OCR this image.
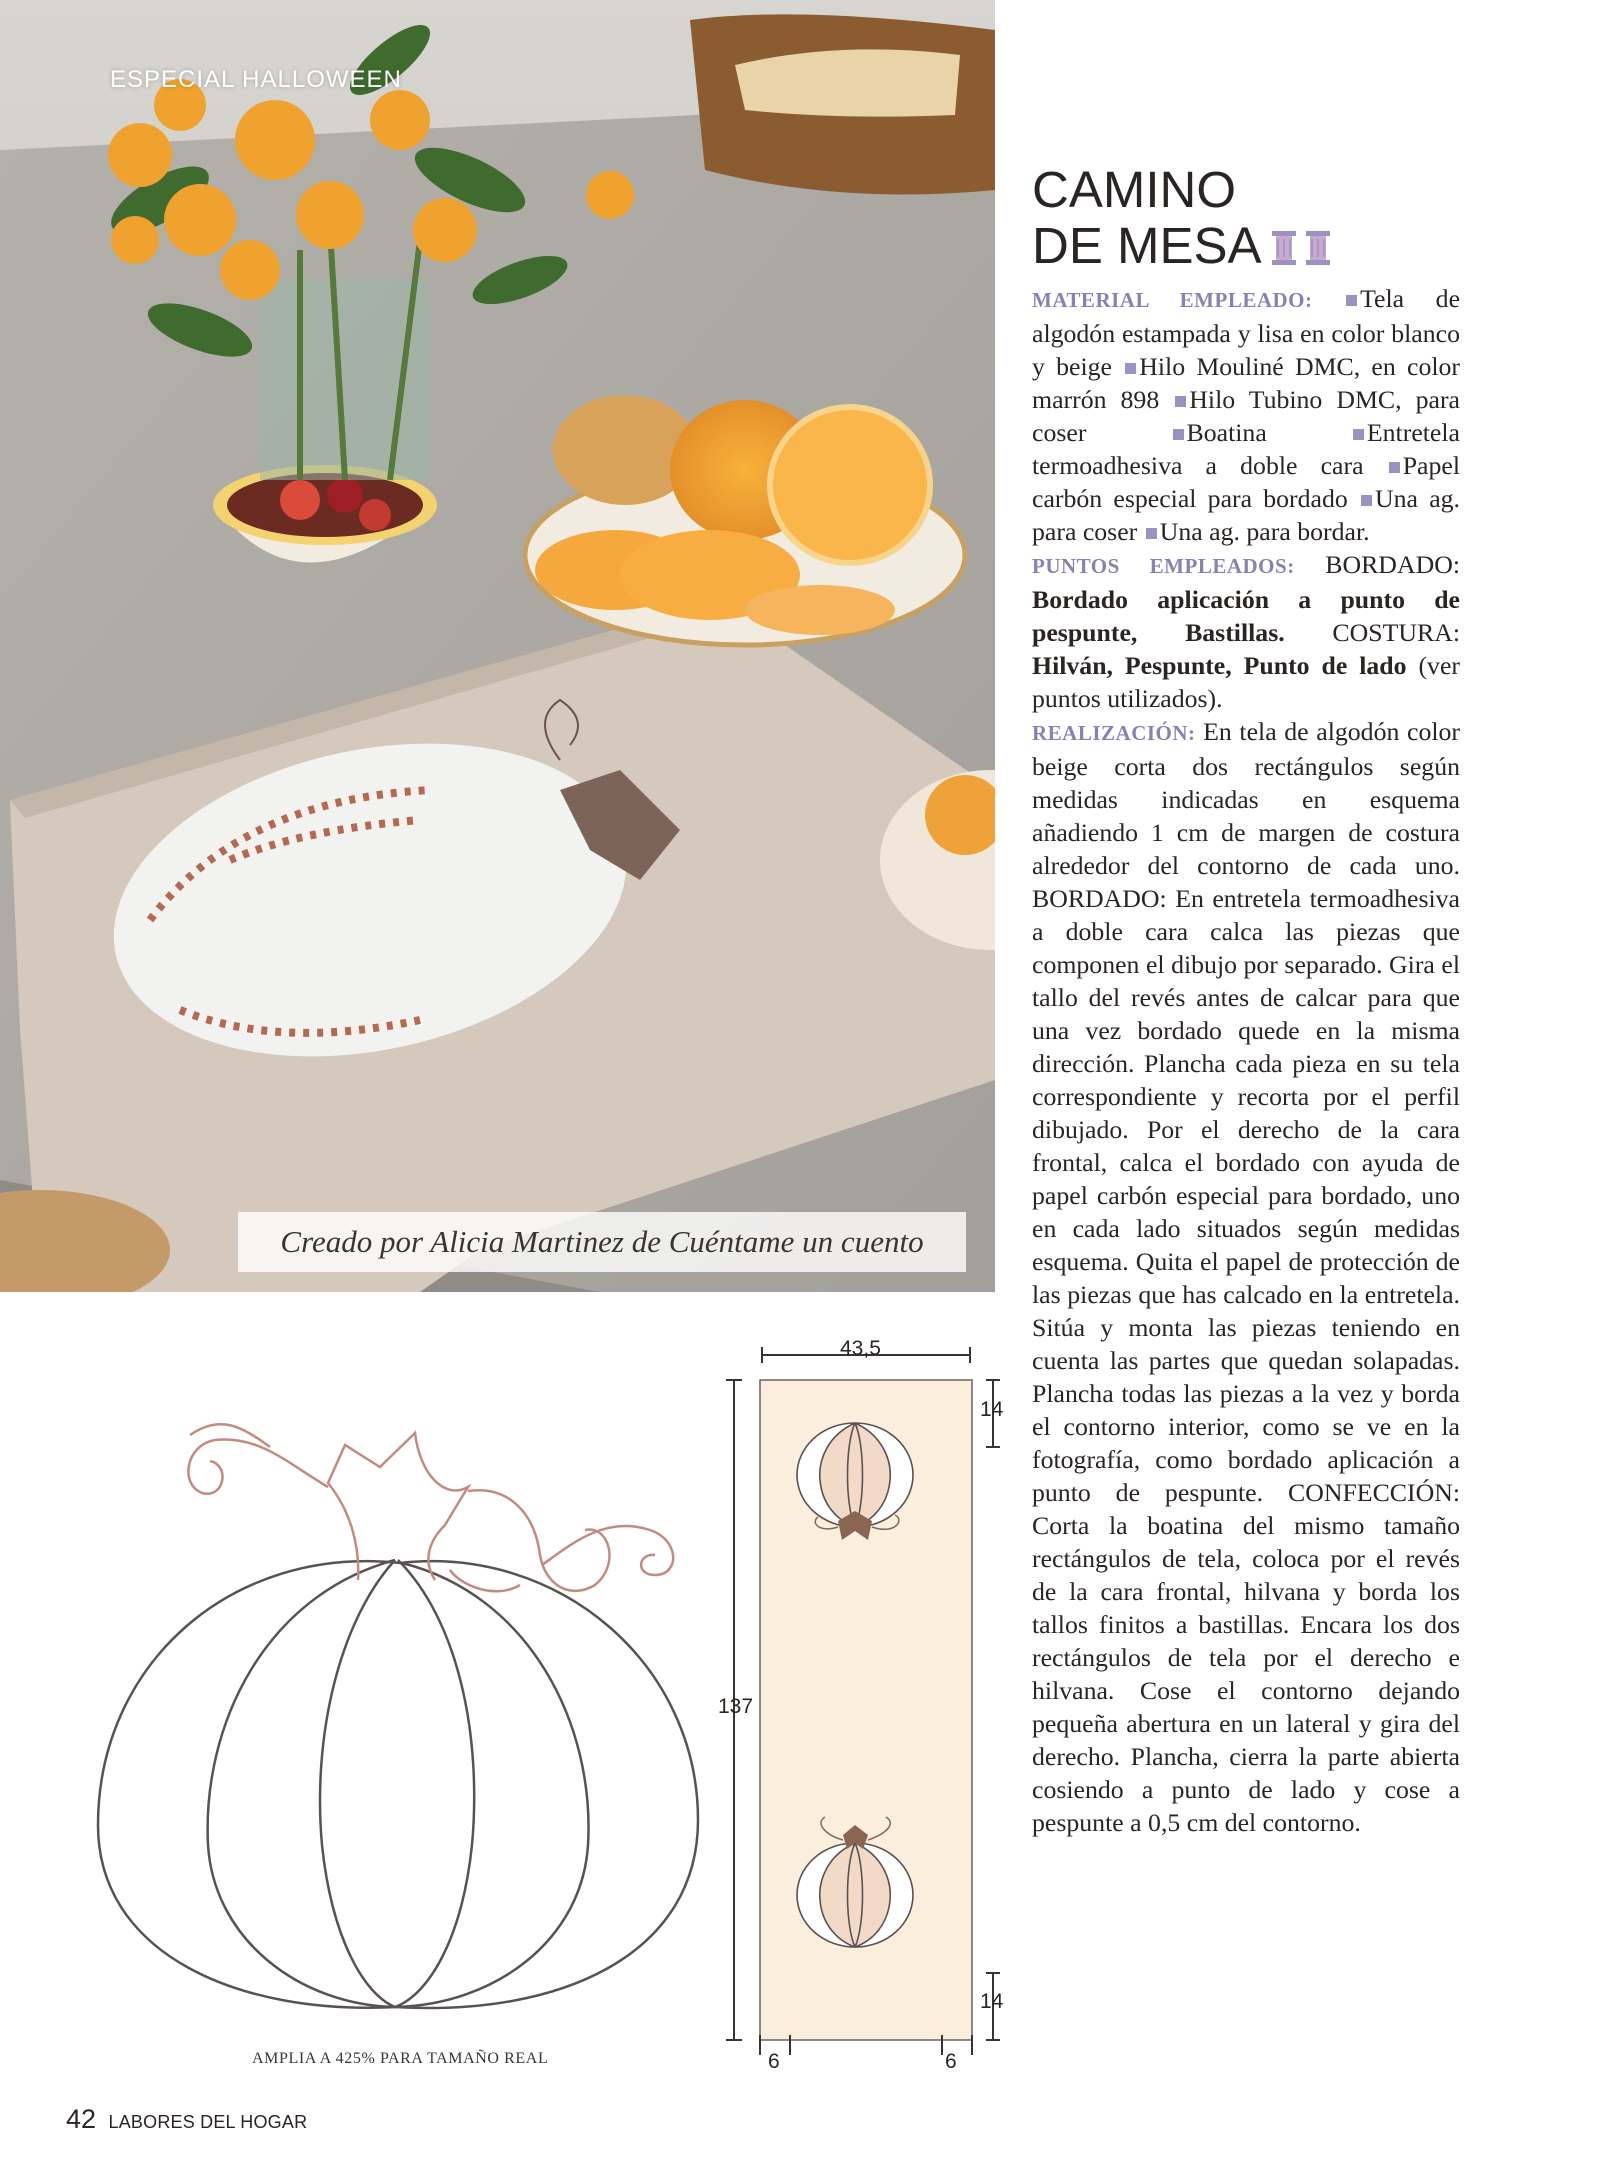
ESPECIAL HALLOWEEN
Creado por Alicia Martinez de Cuéntame un cuento
CAMINO
DE MESA
MATERIAL EMPLEADO: Tela de algodón estampada y lisa en color blanco y beige Hilo Mouliné DMC, en color marrón 898 Hilo Tubino DMC, para coser	Boatina	Entretela termoadhesiva a doble cara Papel carbón especial para bordado Una ag. para coser Una ag. para bordar.
PUNTOS EMPLEADOS: BORDADO: Bordado aplicación a punto de pespunte, Bastillas. COSTURA: Hilván, Pespunte, Punto de lado (ver puntos utilizados).
REALIZACIÓN: En tela de algodón color beige corta dos rectángulos según medidas indicadas en esquema añadiendo 1 cm de margen de costura alrededor del contorno de cada uno. BORDADO: En entretela termoadhesiva a doble cara calca las piezas que componen el dibujo por separado. Gira el tallo del revés antes de calcar para que una vez bordado quede en la misma dirección. Plancha cada pieza en su tela correspondiente y recorta por el perfil dibujado. Por el derecho de la cara frontal, calca el bordado con ayuda de papel carbón especial para bordado, uno en cada lado situados según medidas esquema. Quita el papel de protección de las piezas que has calcado en la entretela. Sitúa y monta las piezas teniendo en cuenta las partes que quedan solapadas. Plancha todas las piezas a la vez y borda el contorno interior, como se ve en la fotografía, como bordado aplicación a punto de pespunte. CONFECCIÓN: Corta la boatina del mismo tamaño rectángulos de tela, coloca por el revés de la cara frontal, hilvana y borda los tallos finitos a bastillas. Encara los dos rectángulos de tela por el derecho e hilvana. Cose el contorno dejando pequeña abertura en un lateral y gira del derecho. Plancha, cierra la parte abierta cosiendo a punto de lado y cose a pespunte a 0,5 cm del contorno.
AMPLIA A 425% PARA TAMAÑO REAL
43,5
137
14
14
6	6
42 LABORES DEL HOGAR
